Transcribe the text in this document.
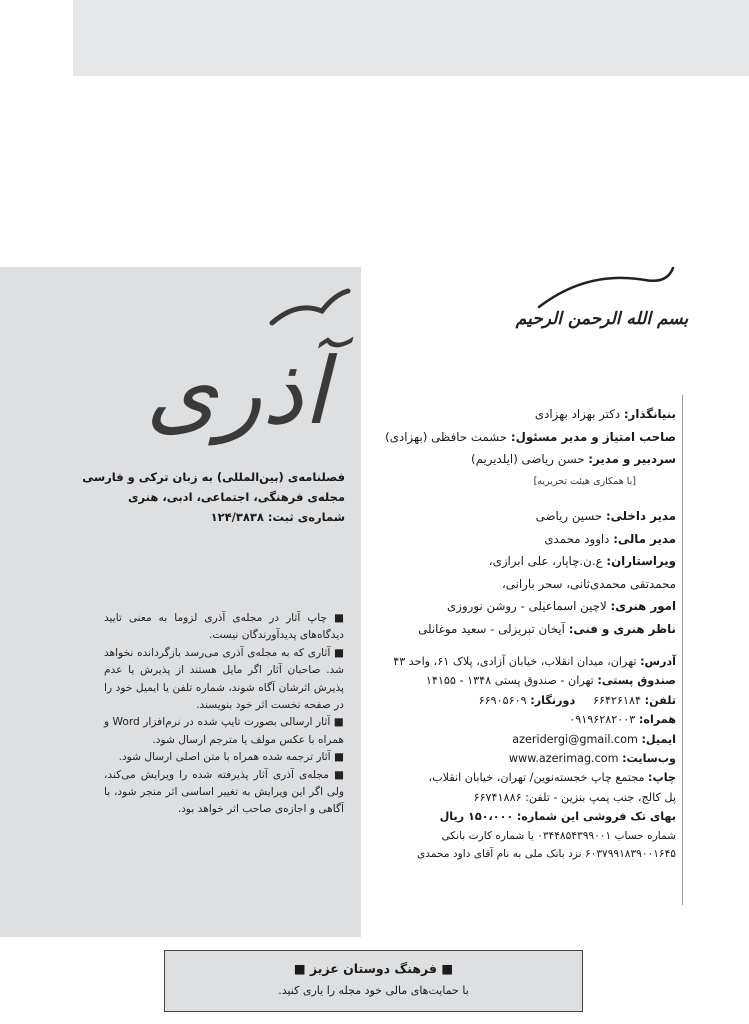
آذری
فصلنامه‌ی (بین‌المللی) به زبان ترکی و فارسی
مجله‌ی فرهنگی، اجتماعی، ادبی، هنری
شماره‌ی ثبت: ۱۲۴/۳۸۳۸

■ چاپ آثار در مجله‌ی آذری لزوما به معنی تایید دیدگاه‌های پدیدآورندگان نیست.

■ آثاری که به مجله‌ی آذری می‌رسد بازگردانده نخواهد شد. صاحبان آثار اگر مایل هستند از پذیرش یا عدم پذیرش اثرشان آگاه شوند، شماره تلفن یا ایمیل خود را در صفحه نخست اثر خود بنویسند.

■ آثار ارسالی بصورت تایپ شده در نرم‌افزار Word و همراه با عکس مولف یا مترجم ارسال شود.

■ آثار ترجمه شده همراه با متن اصلی ارسال شود.

■ مجله‌ی آذری آثار پذیرفته شده را ویرایش می‌کند، ولی اگر این ویرایش به تغییر اساسی اثر منجر شود، با آگاهی و اجازه‌ی صاحب اثر خواهد بود.

بسم الله الرحمن الرحیم
بنیانگذار: دکتر بهزاد بهزادی
صاحب امتیاز و مدیر مسئول: حشمت حافظی (بهزادی)
سردبیر و مدیر: حسن ریاضی (ایلدیریم)
[با همکاری هیئت تحریریه]
مدیر داخلی: حسین ریاضی
مدیر مالی: داوود محمدی
ویراستاران: ع.ن.چاپار، علی ابرازی،
محمدتقی محمدی‌ثانی، سحر بارانی،
امور هنری: لاچین اسماعیلی - روشن نوروزی
ناظر هنری و فنی: آیخان تبریزلی - سعید موغانلی
آدرس: تهران، میدان انقلاب، خیابان آزادی، پلاک ۶۱، واحد ۴۳
صندوق پستی: تهران - صندوق پستی ۱۳۴۸ - ۱۴۱۵۵
تلفن: ۶۶۴۲۶۱۸۴     دورنگار: ۶۶۹۰۵۶۰۹
همراه: ۰۹۱۹۶۲۸۲۰۰۳
ایمیل: azeridergi@gmail.com
وب‌سایت: www.azerimag.com
چاپ: مجتمع چاپ خجسته‌نوین/ تهران، خیابان انقلاب،
پل کالج، جنب پمپ بنزین - تلفن: ۶۶۷۴۱۸۸۶
بهای تک فروشی این شماره: ۱۵۰،۰۰۰ ریال
شماره حساب ۰۳۴۴۸۵۴۳۹۹۰۰۱ یا شماره کارت بانکی
۶۰۳۷۹۹۱۸۳۹۰۰۱۶۴۵ نزد بانک ملی به نام آقای داود محمدی
■ فرهنگ دوستان عزیز ■
با حمایت‌های مالی خود مجله را یاری کنید.
